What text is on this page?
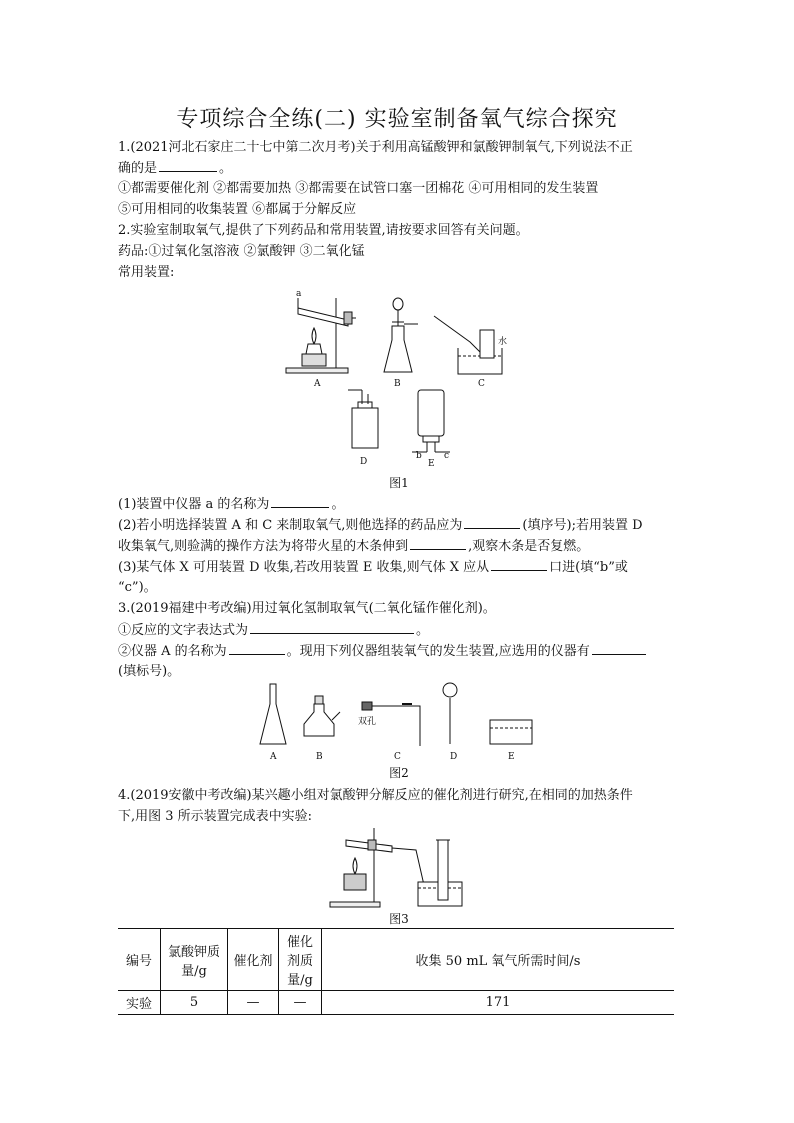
专项综合全练(二) 实验室制备氧气综合探究
1.(2021河北石家庄二十七中第二次月考)关于利用高锰酸钾和氯酸钾制氧气,下列说法不正
确的是	。
①都需要催化剂 ②都需要加热 ③都需要在试管口塞一团棉花 ④可用相同的发生装置
⑤可用相同的收集装置 ⑥都属于分解反应
2.实验室制取氧气,提供了下列药品和常用装置,请按要求回答有关问题。
药品:①过氧化氢溶液 ②氯酸钾 ③二氧化锰
常用装置:
a
A	B	C
水
D	E
b c
图1
(1)装置中仪器 a 的名称为	。
(2)若小明选择装置 A 和 C 来制取氧气,则他选择的药品应为	(填序号);若用装置 D
收集氧气,则验满的操作方法为将带火星的木条伸到	,观察木条是否复燃。
(3)某气体 X 可用装置 D 收集,若改用装置 E 收集,则气体 X 应从	口进(填“b”或
“c”)。
3.(2019福建中考改编)用过氧化氢制取氧气(二氧化锰作催化剂)。
①反应的文字表达式为	。
②仪器 A 的名称为	。现用下列仪器组装氧气的发生装置,应选用的仪器有
(填标号)。
A	B	C	D	E
双孔
图2
4.(2019安徽中考改编)某兴趣小组对氯酸钾分解反应的催化剂进行研究,在相同的加热条件
下,用图 3 所示装置完成表中实验:
图3
编号	氯酸钾质量/g	催化剂	催化剂质量/g	收集 50 mL 氧气所需时间/s
实验	5	—	—	171
